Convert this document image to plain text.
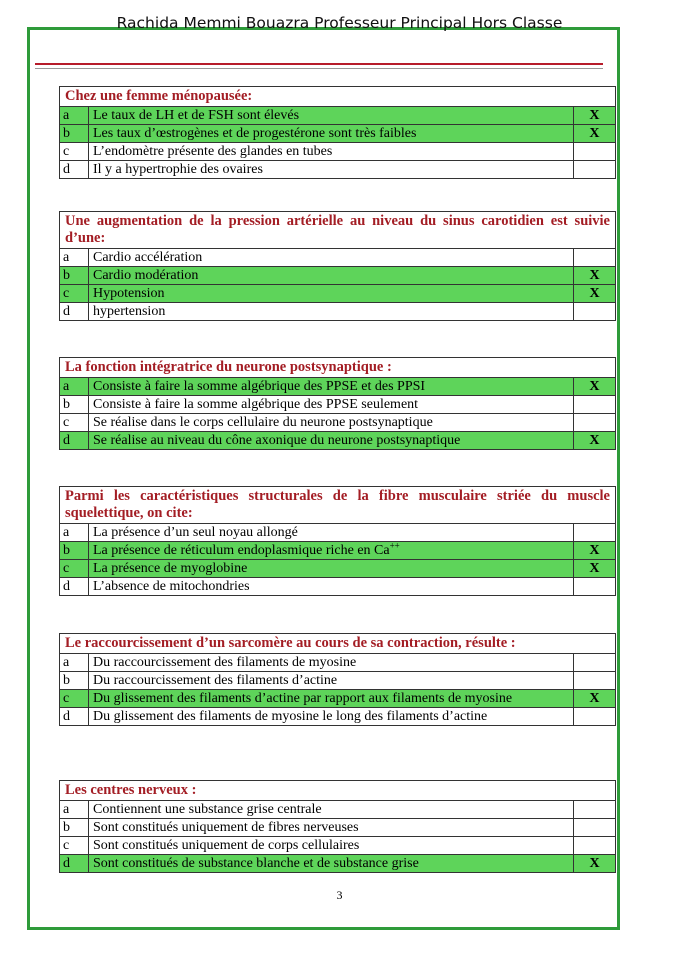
Rachida Memmi Bouazra Professeur Principal Hors Classe
Chez une femme ménopausée:		
a	Le taux de LH et de FSH sont élevés	X
b	Les taux d’œstrogènes et de progestérone sont très faibles	X
c	L’endomètre présente des glandes en tubes	
d	Il y a hypertrophie des ovaires	
Une augmentation de la pression artérielle au niveau du sinus carotidien est suivie d’une:		
a	Cardio accélération	
b	Cardio modération	X
c	Hypotension	X
d	hypertension	
La fonction intégratrice du neurone postsynaptique :		
a	Consiste à faire la somme algébrique des PPSE et des PPSI	X
b	Consiste à faire la somme algébrique des PPSE seulement	
c	Se réalise dans le corps cellulaire du neurone postsynaptique	
d	Se réalise au niveau du cône axonique du neurone postsynaptique	X
Parmi les caractéristiques structurales de la fibre musculaire striée du muscle squelettique, on cite:		
a	La présence d’un seul noyau allongé	
b	La présence de réticulum endoplasmique riche en Ca++	X
c	La présence de myoglobine	X
d	L’absence de mitochondries	
Le raccourcissement d’un sarcomère au cours de sa contraction, résulte :		
a	Du raccourcissement des filaments de myosine	
b	Du raccourcissement des filaments d’actine	
c	Du glissement des filaments d’actine par rapport aux filaments de myosine	X
d	Du glissement des filaments de myosine le long des filaments d’actine	
Les centres nerveux :		
a	Contiennent une substance grise centrale	
b	Sont constitués uniquement de fibres nerveuses	
c	Sont constitués uniquement de corps cellulaires	
d	Sont constitués de substance blanche et de substance grise	X
3
